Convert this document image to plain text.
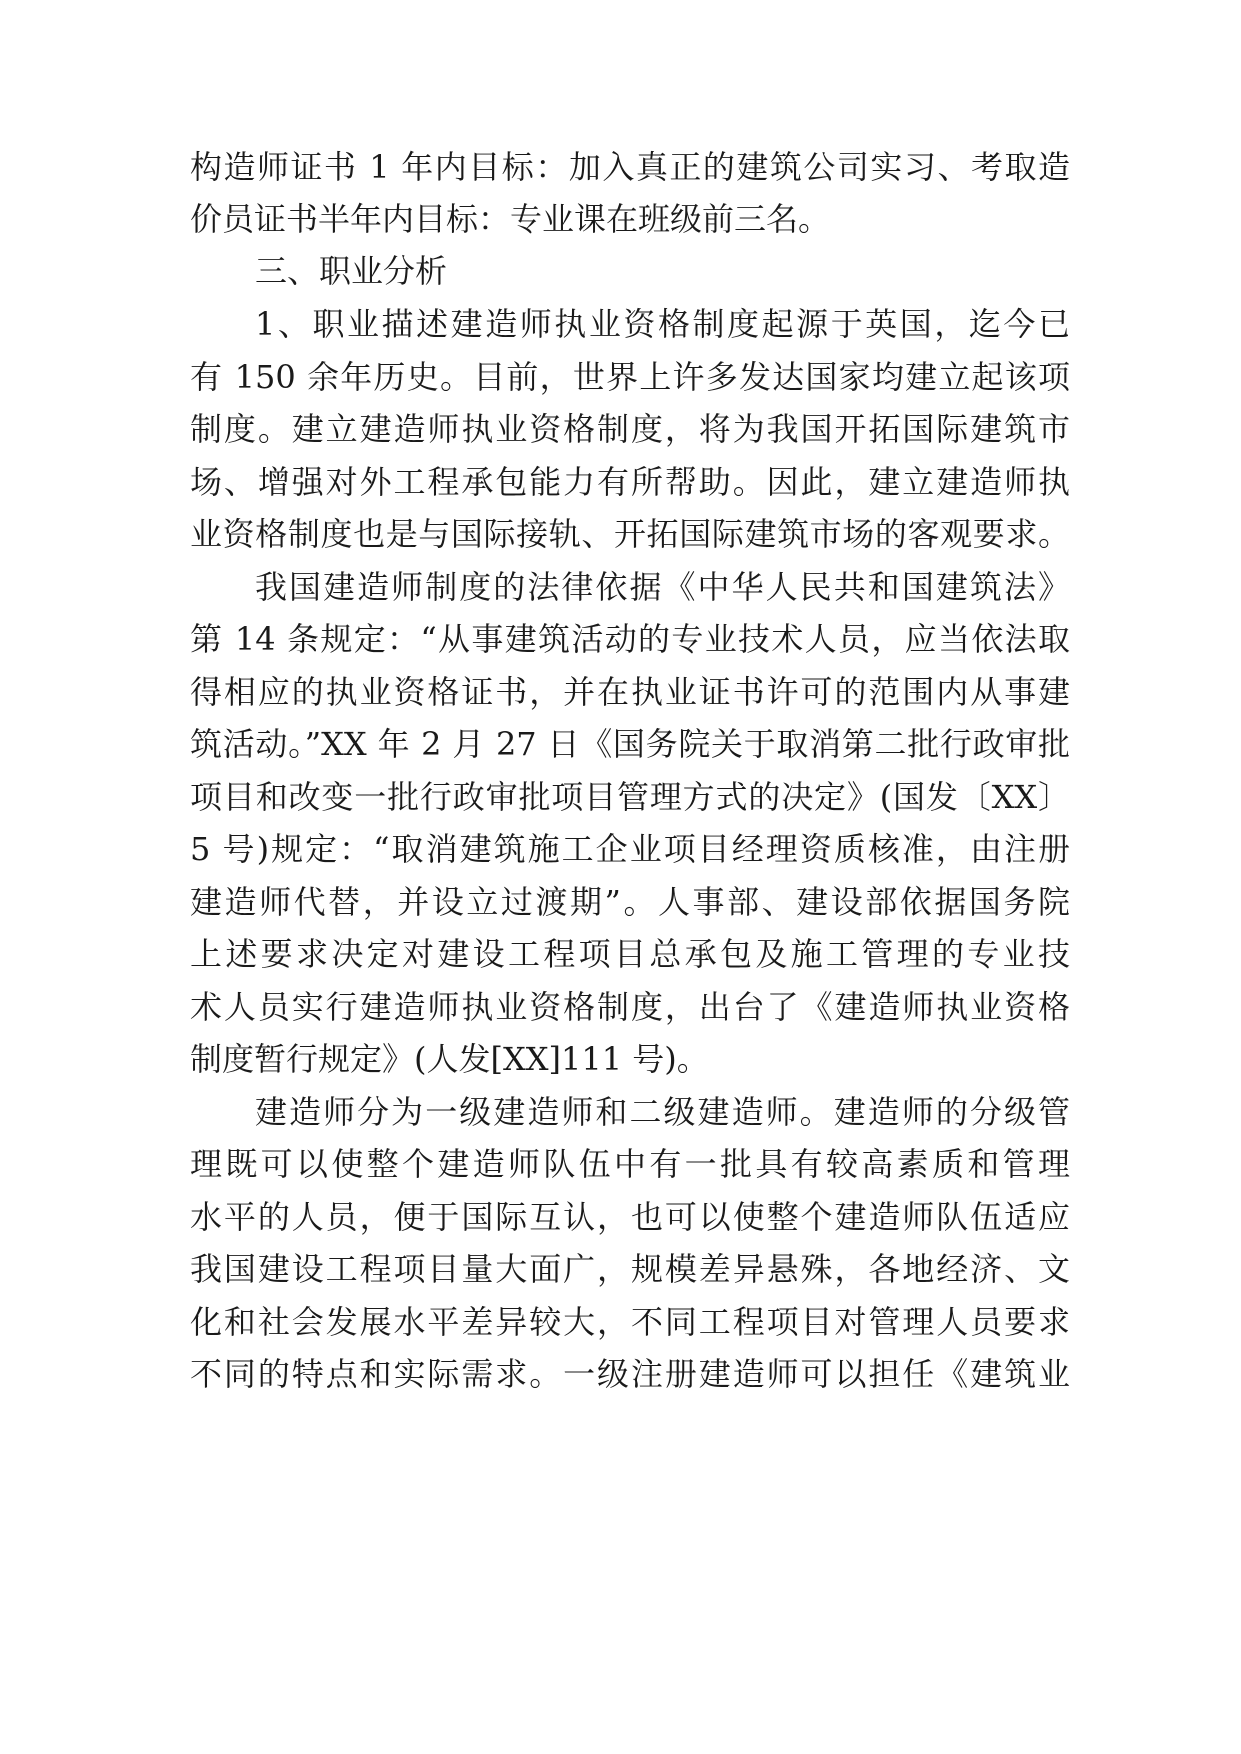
构造师证书 1 年内目标：加入真正的建筑公司实习、考取造
价员证书半年内目标：专业课在班级前三名。
三、职业分析
1、职业描述建造师执业资格制度起源于英国，迄今已
有 150 余年历史。目前，世界上许多发达国家均建立起该项
制度。建立建造师执业资格制度，将为我国开拓国际建筑市
场、增强对外工程承包能力有所帮助。因此，建立建造师执
业资格制度也是与国际接轨、开拓国际建筑市场的客观要求。
我国建造师制度的法律依据《中华人民共和国建筑法》
第 14 条规定：“从事建筑活动的专业技术人员，应当依法取
得相应的执业资格证书，并在执业证书许可的范围内从事建
筑活动。”XX 年 2 月 27 日《国务院关于取消第二批行政审批
项目和改变一批行政审批项目管理方式的决定》(国发〔XX〕
5 号)规定：“取消建筑施工企业项目经理资质核准，由注册
建造师代替，并设立过渡期”。人事部、建设部依据国务院
上述要求决定对建设工程项目总承包及施工管理的专业技
术人员实行建造师执业资格制度，出台了《建造师执业资格
制度暂行规定》(人发[XX]111 号)。
建造师分为一级建造师和二级建造师。建造师的分级管
理既可以使整个建造师队伍中有一批具有较高素质和管理
水平的人员，便于国际互认，也可以使整个建造师队伍适应
我国建设工程项目量大面广，规模差异悬殊，各地经济、文
化和社会发展水平差异较大，不同工程项目对管理人员要求
不同的特点和实际需求。一级注册建造师可以担任《建筑业
